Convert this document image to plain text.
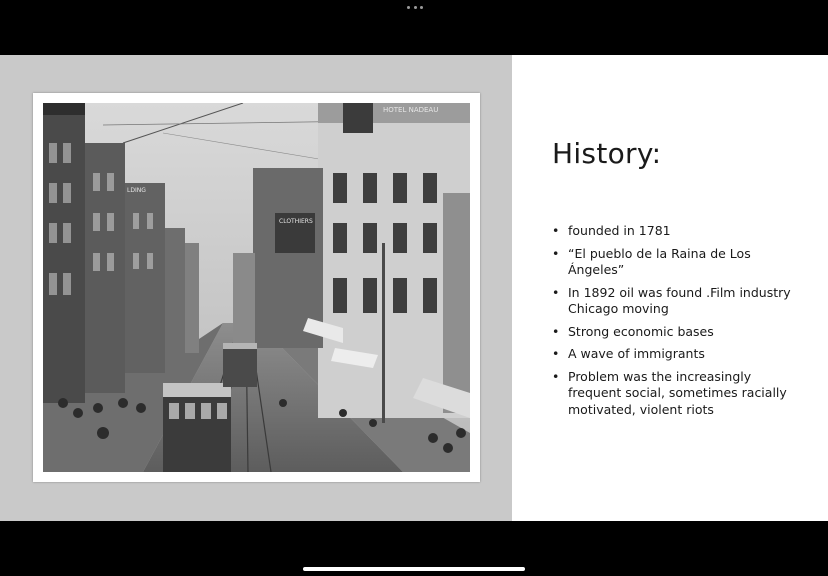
HOTEL NADEAU
CLOTHIERS
LDING
History:
• founded in 1781
• “El pueblo de la Raina de Los Ángeles”
• In 1892 oil was found .Film industry Chicago moving
• Strong economic bases
• A wave of immigrants
• Problem was the increasingly frequent social, sometimes racially motivated, violent riots
